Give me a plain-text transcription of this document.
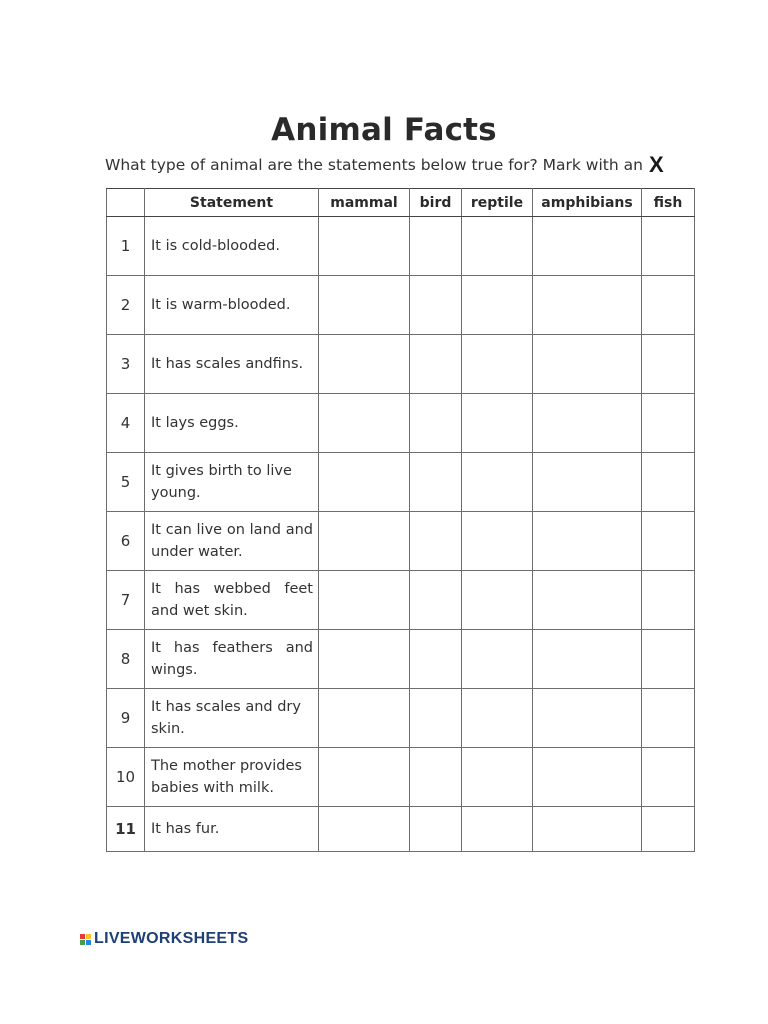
Animal Facts
What type of animal are the statements below true for? Mark with an X
	Statement	mammal	bird	reptile	amphibians	fish
1	It is cold-blooded.					
2	It is warm-blooded.					
3	It has scales andfins.					
4	It lays eggs.					
5	It gives birth to live young.					
6	It can live on land and under water.					
7	It has webbed feet and wet skin.					
8	It has feathers and wings.					
9	It has scales and dry skin.					
10	The mother provides babies with milk.					
11	It has fur.					
LIVEWORKSHEETS
